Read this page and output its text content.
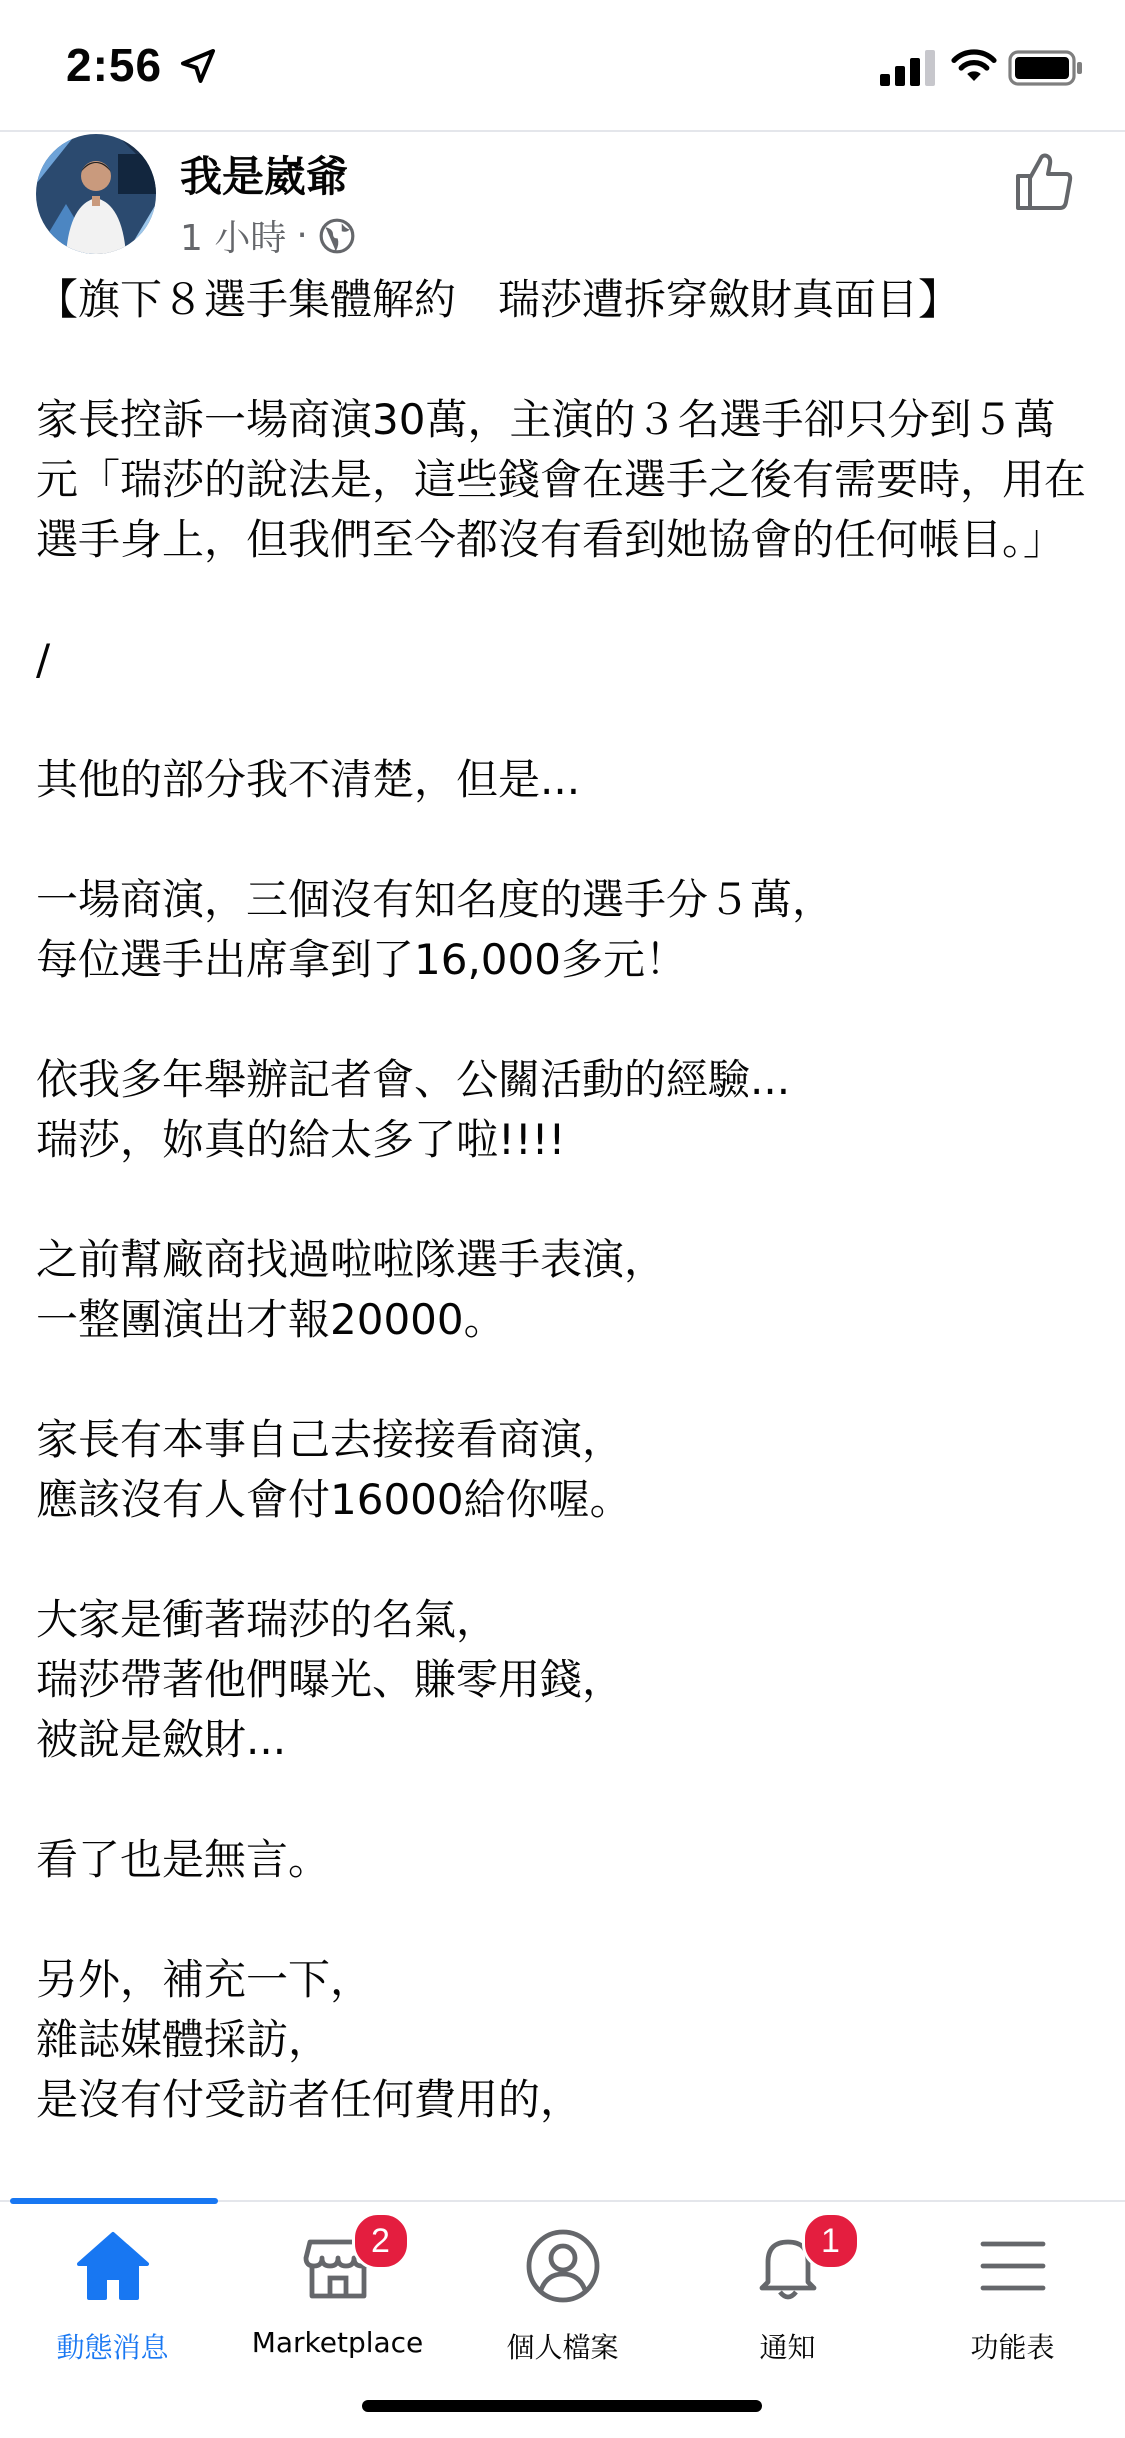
2:56
我是崴爺
1 小時 ·

【旗下８選手集體解約　瑞莎遭拆穿斂財真面目】

家長控訴一場商演30萬，主演的３名選手卻只分到５萬元「瑞莎的說法是，這些錢會在選手之後有需要時，用在選手身上，但我們至今都沒有看到她協會的任何帳目。」

/

其他的部分我不清楚，但是...

一場商演，三個沒有知名度的選手分５萬，
每位選手出席拿到了16,000多元！

依我多年舉辦記者會、公關活動的經驗...
瑞莎，妳真的給太多了啦!!!!

之前幫廠商找過啦啦隊選手表演，
一整團演出才報20000。

家長有本事自己去接接看商演，
應該沒有人會付16000給你喔。

大家是衝著瑞莎的名氣，
瑞莎帶著他們曝光、賺零用錢，
被說是斂財...

看了也是無言。

另外，補充一下，
雜誌媒體採訪，
是沒有付受訪者任何費用的，

動態消息
2
Marketplace	個人檔案
1
通知	功能表
